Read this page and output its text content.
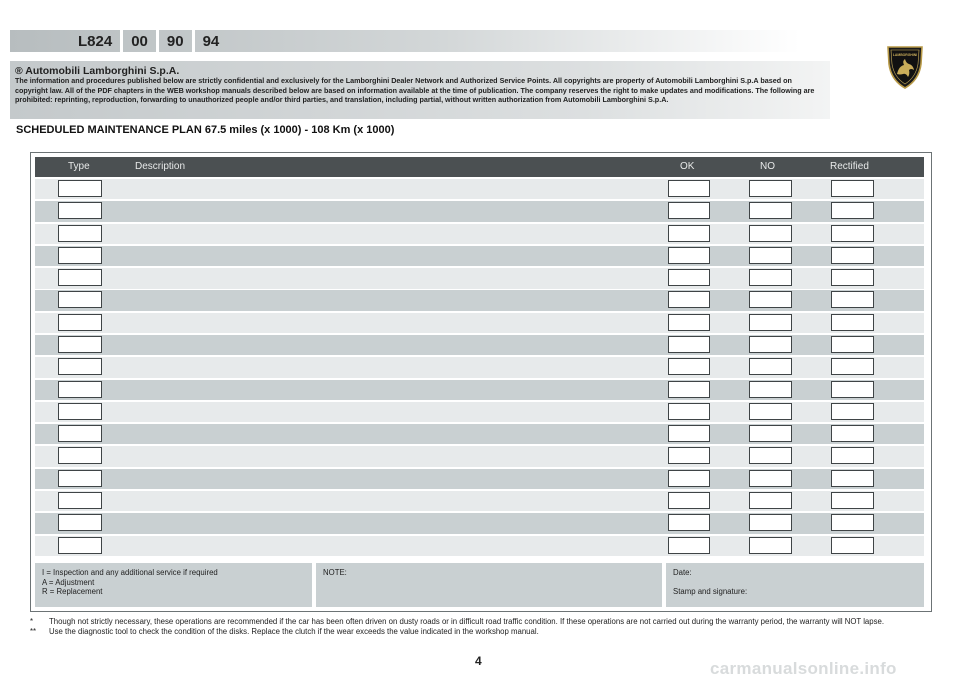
L824	00	90	94
LAMBORGHINI
® Automobili Lamborghini S.p.A.
The information and procedures published below are strictly confidential and exclusively for the Lamborghini Dealer Network and Authorized Service Points. All copyrights are property of Automobili Lamborghini S.p.A based on copyright law. All of the PDF chapters in the WEB workshop manuals described below are based on information available at the time of publication. The company reserves the right to make updates and modifications. The following are prohibited: reprinting, reproduction, forwarding to unauthorized people and/or third parties, and translation, including partial, without written authorization from Automobili Lamborghini S.p.A.
SCHEDULED MAINTENANCE PLAN 67.5 miles (x 1000) - 108 Km (x 1000)
Type	Description	OK	NO	Rectified
I = Inspection and any additional service if required
A = Adjustment
R = Replacement
NOTE:	Date:
Stamp and signature:
* Though not strictly necessary, these operations are recommended if the car has been often driven on dusty roads or in difficult road traffic condition. If these operations are not carried out during the warranty period, the warranty will NOT lapse.
** Use the diagnostic tool to check the condition of the disks. Replace the clutch if the wear exceeds the value indicated in the workshop manual.
4	carmanualsonline.info
